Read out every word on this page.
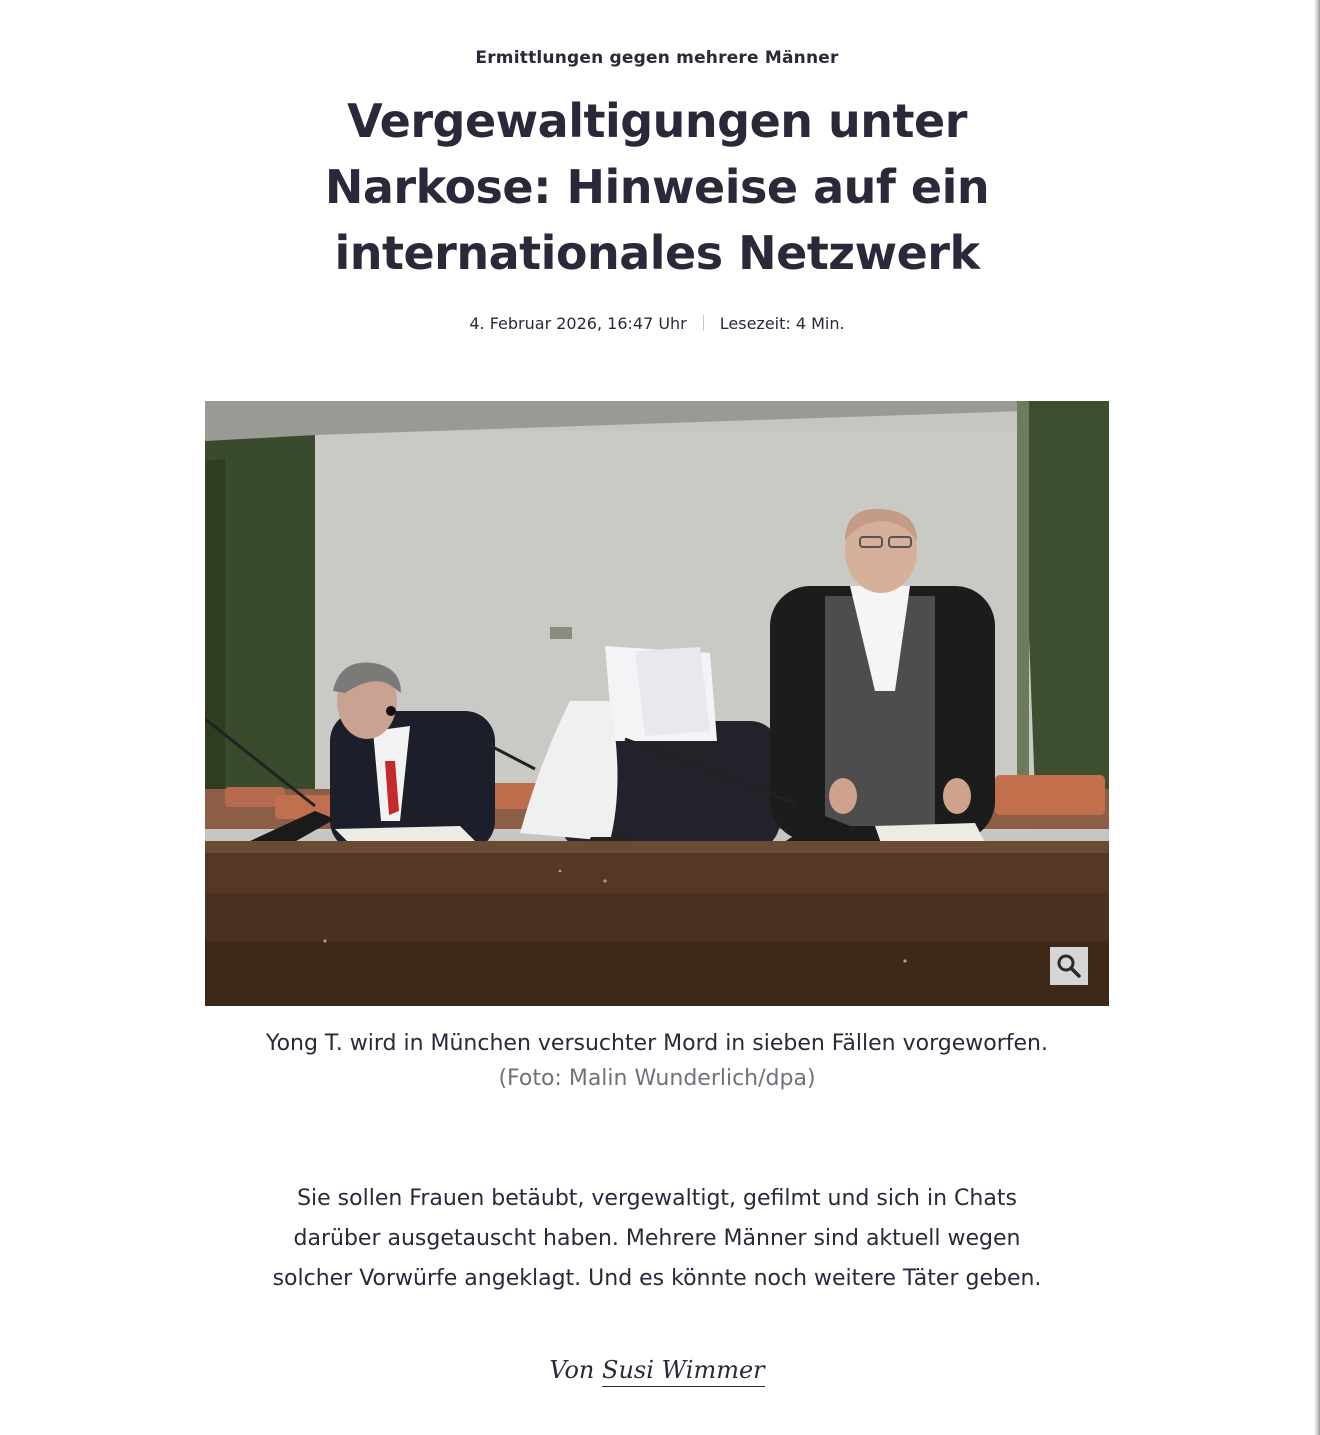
Ermittlungen gegen mehrere Männer
Vergewaltigungen unter Narkose: Hinweise auf ein internationales Netzwerk
4. Februar 2026, 16:47 Uhr Lesezeit: 4 Min.
Yong T. wird in München versuchter Mord in sieben Fällen vorgeworfen.
(Foto: Malin Wunderlich/dpa)

Sie sollen Frauen betäubt, vergewaltigt, gefilmt und sich in Chats darüber ausgetauscht haben. Mehrere Männer sind aktuell wegen solcher Vorwürfe angeklagt. Und es könnte noch weitere Täter geben.

Von Susi Wimmer
